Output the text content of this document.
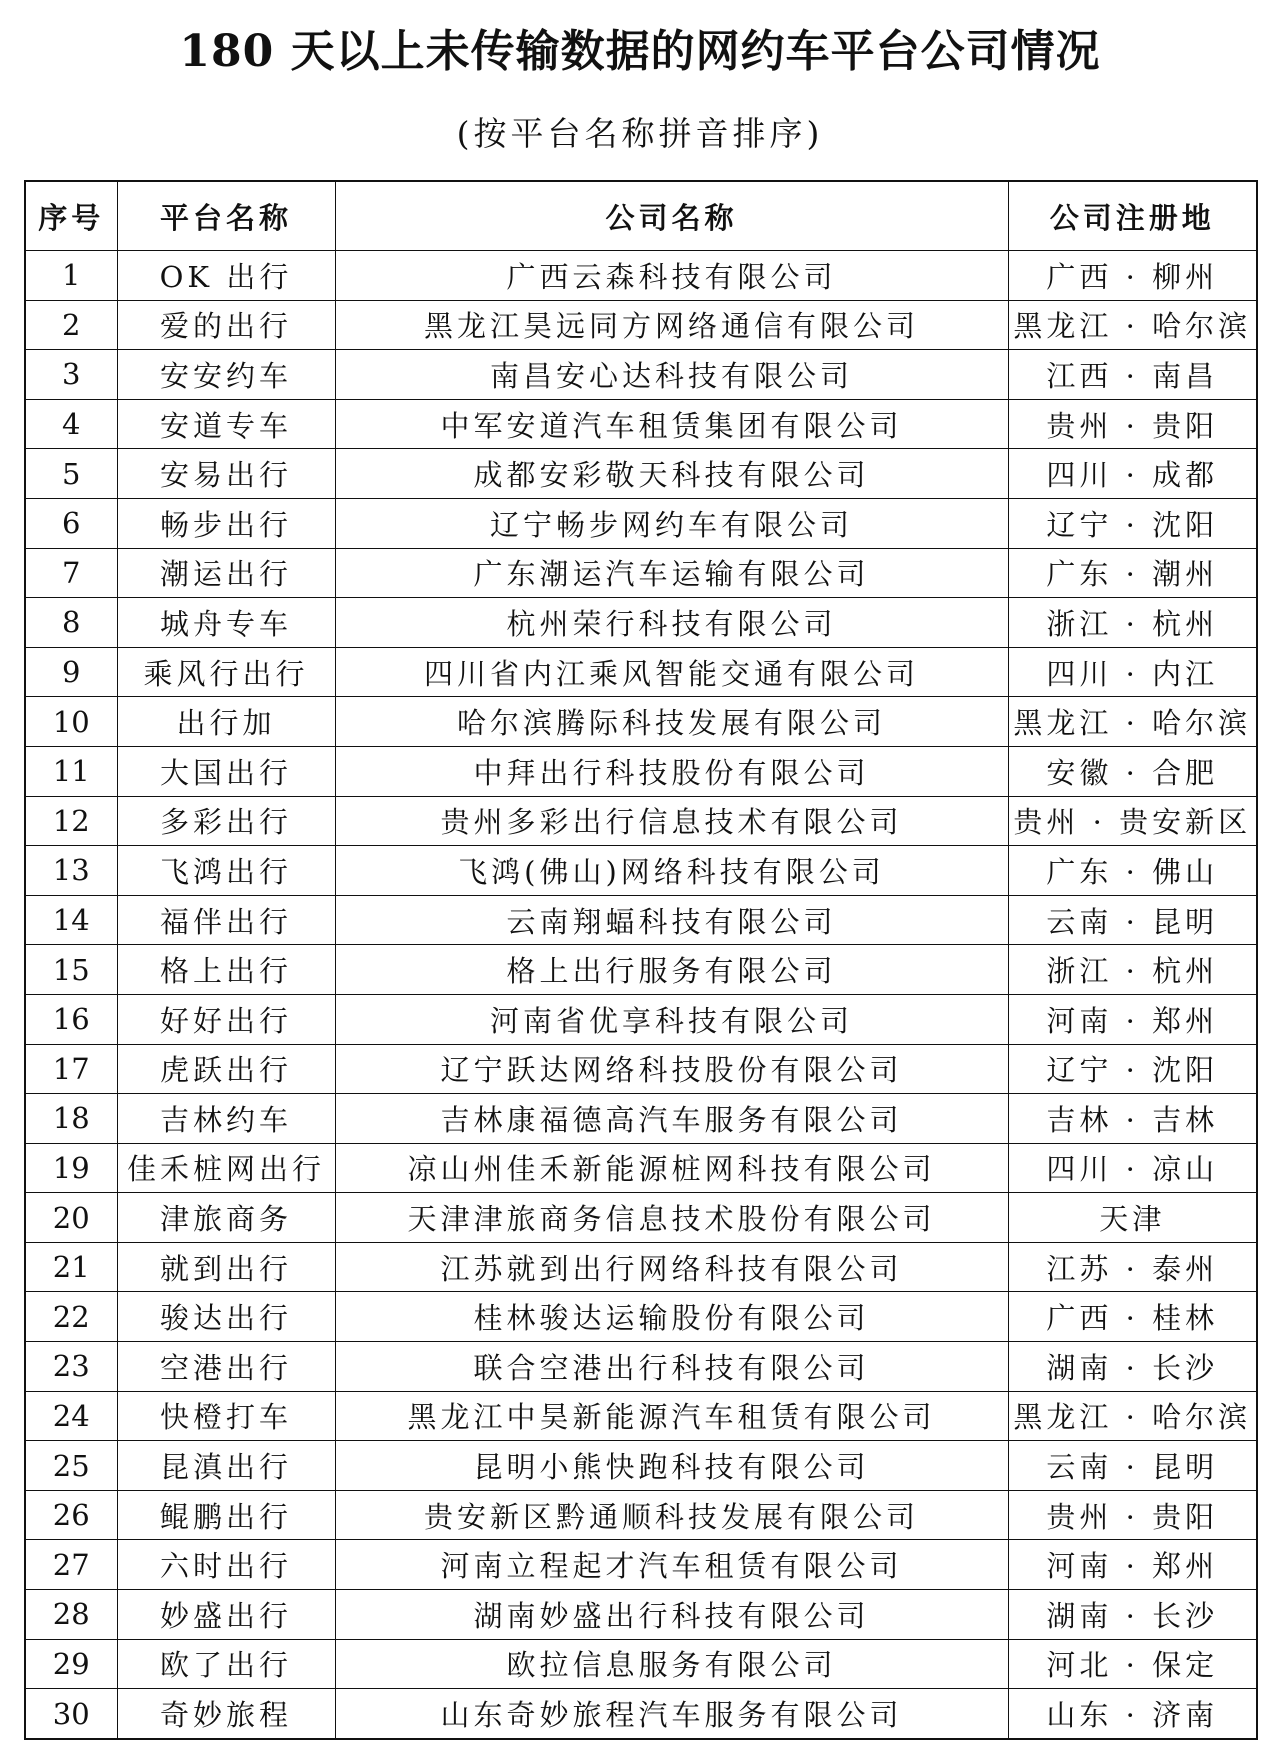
180 天以上未传输数据的网约车平台公司情况
(按平台名称拼音排序)
序号	平台名称	公司名称	公司注册地
1	OK 出行	广西云森科技有限公司	广西 · 柳州
2	爱的出行	黑龙江昊远同方网络通信有限公司	黑龙江 · 哈尔滨
3	安安约车	南昌安心达科技有限公司	江西 · 南昌
4	安道专车	中军安道汽车租赁集团有限公司	贵州 · 贵阳
5	安易出行	成都安彩敬天科技有限公司	四川 · 成都
6	畅步出行	辽宁畅步网约车有限公司	辽宁 · 沈阳
7	潮运出行	广东潮运汽车运输有限公司	广东 · 潮州
8	城舟专车	杭州荣行科技有限公司	浙江 · 杭州
9	乘风行出行	四川省内江乘风智能交通有限公司	四川 · 内江
10	出行加	哈尔滨腾际科技发展有限公司	黑龙江 · 哈尔滨
11	大国出行	中拜出行科技股份有限公司	安徽 · 合肥
12	多彩出行	贵州多彩出行信息技术有限公司	贵州 · 贵安新区
13	飞鸿出行	飞鸿(佛山)网络科技有限公司	广东 · 佛山
14	福伴出行	云南翔蝠科技有限公司	云南 · 昆明
15	格上出行	格上出行服务有限公司	浙江 · 杭州
16	好好出行	河南省优享科技有限公司	河南 · 郑州
17	虎跃出行	辽宁跃达网络科技股份有限公司	辽宁 · 沈阳
18	吉林约车	吉林康福德高汽车服务有限公司	吉林 · 吉林
19	佳禾桩网出行	凉山州佳禾新能源桩网科技有限公司	四川 · 凉山
20	津旅商务	天津津旅商务信息技术股份有限公司	天津
21	就到出行	江苏就到出行网络科技有限公司	江苏 · 泰州
22	骏达出行	桂林骏达运输股份有限公司	广西 · 桂林
23	空港出行	联合空港出行科技有限公司	湖南 · 长沙
24	快橙打车	黑龙江中昊新能源汽车租赁有限公司	黑龙江 · 哈尔滨
25	昆滇出行	昆明小熊快跑科技有限公司	云南 · 昆明
26	鲲鹏出行	贵安新区黔通顺科技发展有限公司	贵州 · 贵阳
27	六时出行	河南立程起才汽车租赁有限公司	河南 · 郑州
28	妙盛出行	湖南妙盛出行科技有限公司	湖南 · 长沙
29	欧了出行	欧拉信息服务有限公司	河北 · 保定
30	奇妙旅程	山东奇妙旅程汽车服务有限公司	山东 · 济南
